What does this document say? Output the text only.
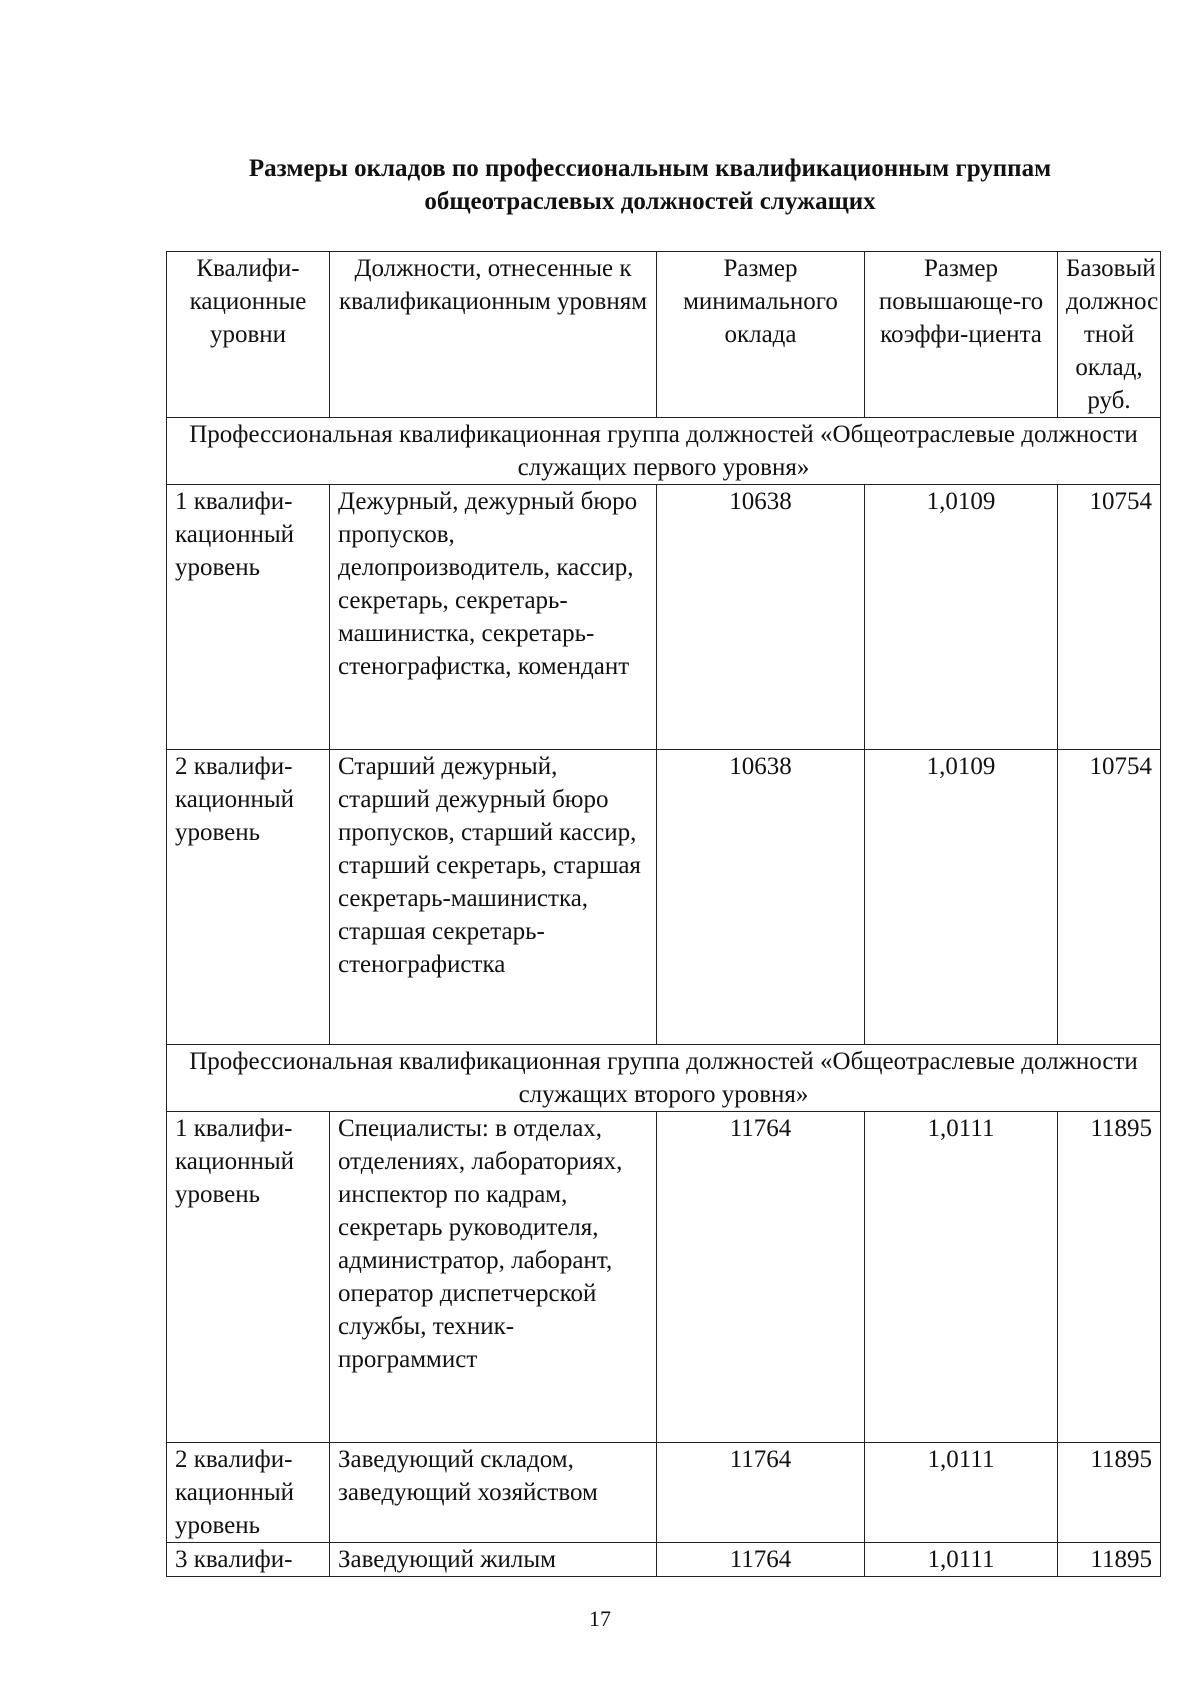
Размеры окладов по профессиональным квалификационным группам
общеотраслевых должностей служащих
Квалифи-кационные уровни	Должности, отнесенные к квалификационным уровням	Размер минимального оклада	Размер повышающе-го коэффи-циента	Базовый должнос тной оклад, руб.
Профессиональная квалификационная группа должностей «Общеотраслевые должности служащих первого уровня»				
1 квалифи-кационный уровень	Дежурный, дежурный бюро пропусков, делопроизводитель, кассир, секретарь, секретарь-машинистка, секретарь-стенографистка, комендант	10638	1,0109	10754
2 квалифи-кационный уровень	Старший дежурный, старший дежурный бюро пропусков, старший кассир, старший секретарь, старшая секретарь-машинистка, старшая секретарь-стенографистка	10638	1,0109	10754
Профессиональная квалификационная группа должностей «Общеотраслевые должности служащих второго уровня»				
1 квалифи-кационный уровень	Специалисты: в отделах, отделениях, лабораториях, инспектор по кадрам, секретарь руководителя, администратор, лаборант, оператор диспетчерской службы, техник-программист	11764	1,0111	11895
2 квалифи-кационный уровень	Заведующий складом, заведующий хозяйством	11764	1,0111	11895
3 квалифи-	Заведующий жилым	11764	1,0111	11895
17
